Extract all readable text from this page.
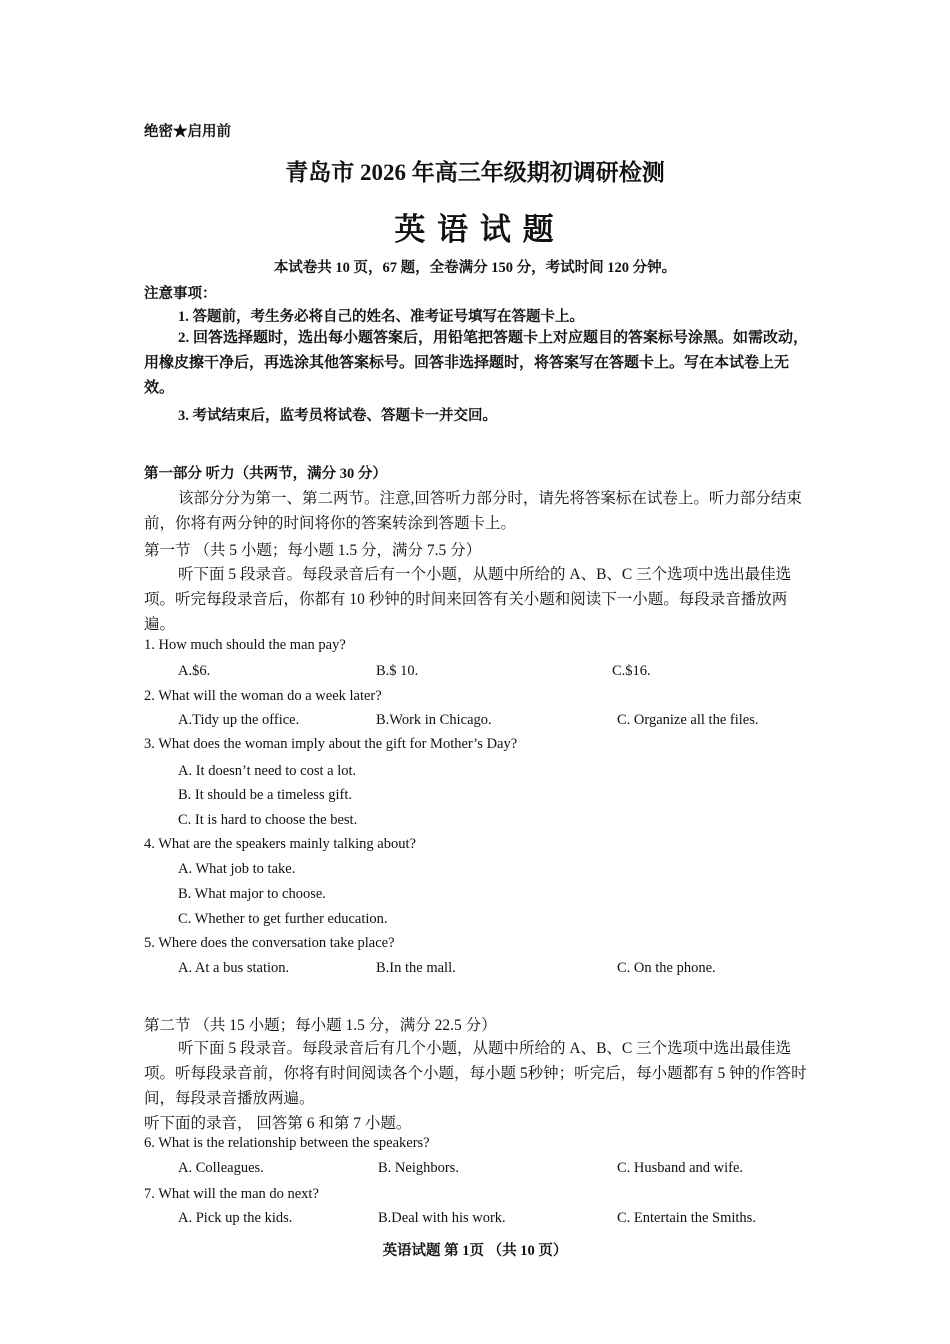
绝密★启用前
青岛市 2026 年高三年级期初调研检测
英 语 试 题
本试卷共 10 页，67 题，全卷满分 150 分，考试时间 120 分钟。
注意事项：
1. 答题前，考生务必将自己的姓名、准考证号填写在答题卡上。
2. 回答选择题时，选出每小题答案后，用铅笔把答题卡上对应题目的答案标号涂黑。如需改动，用橡皮擦干净后，再选涂其他答案标号。回答非选择题时，将答案写在答题卡上。写在本试卷上无效。
3. 考试结束后，监考员将试卷、答题卡一并交回。
第一部分 听力（共两节，满分 30 分）
该部分分为第一、第二两节。注意,回答听力部分时，请先将答案标在试卷上。听力部分结束前，你将有两分钟的时间将你的答案转涂到答题卡上。
第一节 （共 5 小题；每小题 1.5 分，满分 7.5 分）
听下面 5 段录音。每段录音后有一个小题，从题中所给的 A、B、C 三个选项中选出最佳选项。听完每段录音后，你都有 10 秒钟的时间来回答有关小题和阅读下一小题。每段录音播放两遍。
1. How much should the man pay?
A.$6.	B.$ 10.	C.$16.
2. What will the woman do a week later?
A.Tidy up the office.	B.Work in Chicago.	C. Organize all the files.
3. What does the woman imply about the gift for Mother’s Day?
A. It doesn’t need to cost a lot.
B. It should be a timeless gift.
C. It is hard to choose the best.
4. What are the speakers mainly talking about?
A. What job to take.
B. What major to choose.
C. Whether to get further education.
5. Where does the conversation take place?
A. At a bus station.	B.In the mall.	C. On the phone.
第二节 （共 15 小题；每小题 1.5 分，满分 22.5 分）
听下面 5 段录音。每段录音后有几个小题，从题中所给的 A、B、C 三个选项中选出最佳选项。听每段录音前，你将有时间阅读各个小题，每小题 5秒钟；听完后，每小题都有 5 钟的作答时间，每段录音播放两遍。
听下面的录音， 回答第 6 和第 7 小题。
6. What is the relationship between the speakers?
A. Colleagues.	B. Neighbors.	C. Husband and wife.
7. What will the man do next?
A. Pick up the kids.	B.Deal with his work.	C. Entertain the Smiths.
英语试题 第 1页 （共 10 页）
